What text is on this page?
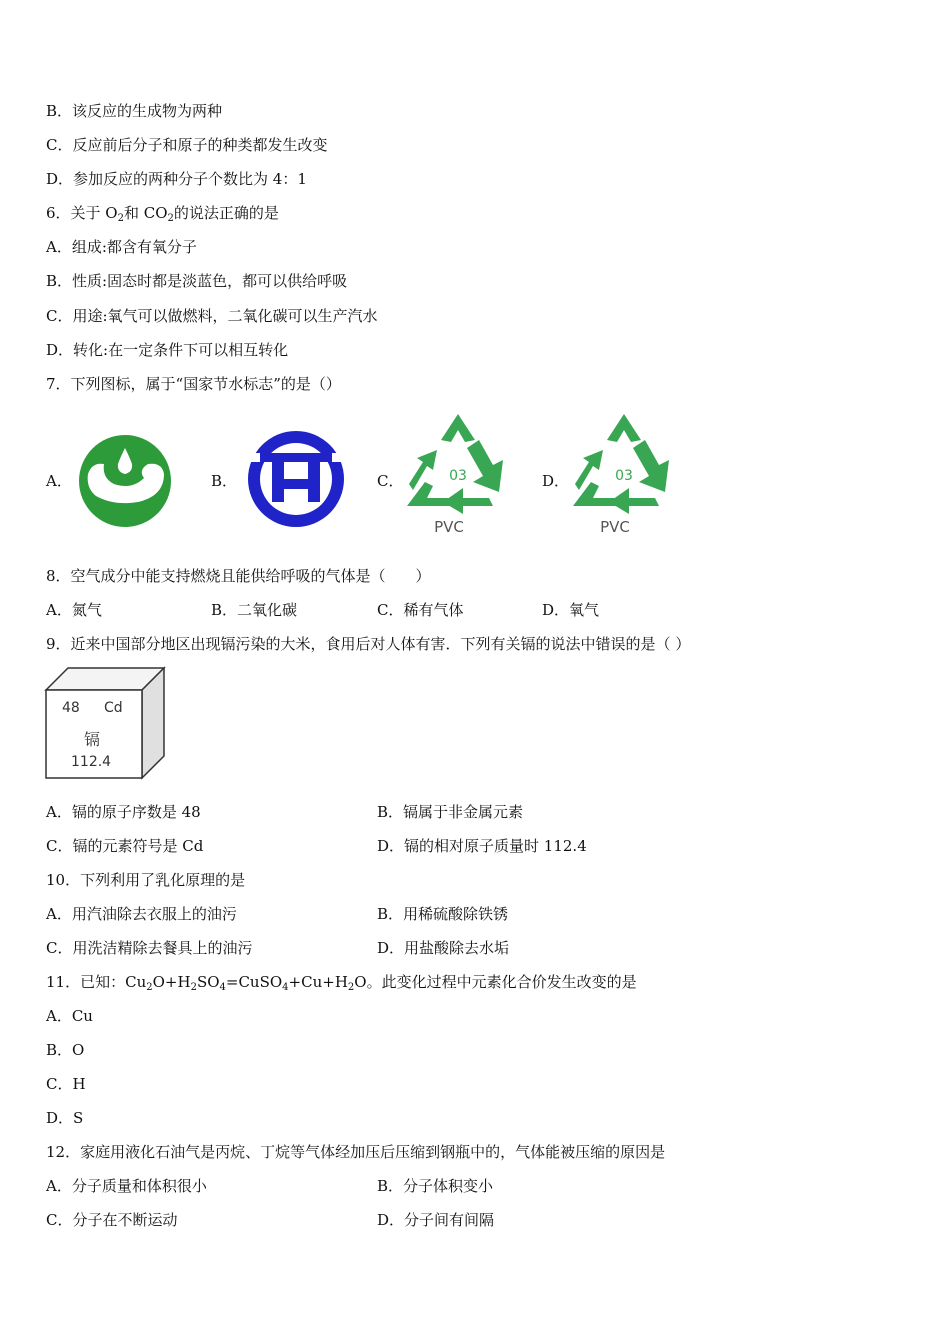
B．该反应的生成物为两种
C．反应前后分子和原子的种类都发生改变
D．参加反应的两种分子个数比为 4：1
6．关于 $O_2$和 $CO_2$的说法正确的是
A．组成:都含有氧分子
B．性质:固态时都是淡蓝色，都可以供给呼吸
C．用途:氧气可以做燃料，二氧化碳可以生产汽水
D．转化:在一定条件下可以相互转化
7．下列图标，属于“国家节水标志”的是（）
A．	B．	C．	03
PVC
D．	03
PVC
8．空气成分中能支持燃烧且能供给呼吸的气体是（　　）
A．氮气	B．二氧化碳	C．稀有气体	D．氧气
9．近来中国部分地区出现镉污染的大米，食用后对人体有害．下列有关镉的说法中错误的是（ ）
48 Cd
镉
112.4
A．镉的原子序数是 48	B．镉属于非金属元素
C．镉的元素符号是 Cd	D．镉的相对原子质量时 112.4
10．下列利用了乳化原理的是
A．用汽油除去衣服上的油污	B．用稀硫酸除铁锈
C．用洗洁精除去餐具上的油污	D．用盐酸除去水垢
11．已知：$Cu_2O+H_2SO_4=CuSO_4+Cu+H_2O$。此变化过程中元素化合价发生改变的是
A．Cu
B．O
C．H
D．S
12．家庭用液化石油气是丙烷、丁烷等气体经加压后压缩到钢瓶中的，气体能被压缩的原因是
A．分子质量和体积很小	B．分子体积变小
C．分子在不断运动	D．分子间有间隔
